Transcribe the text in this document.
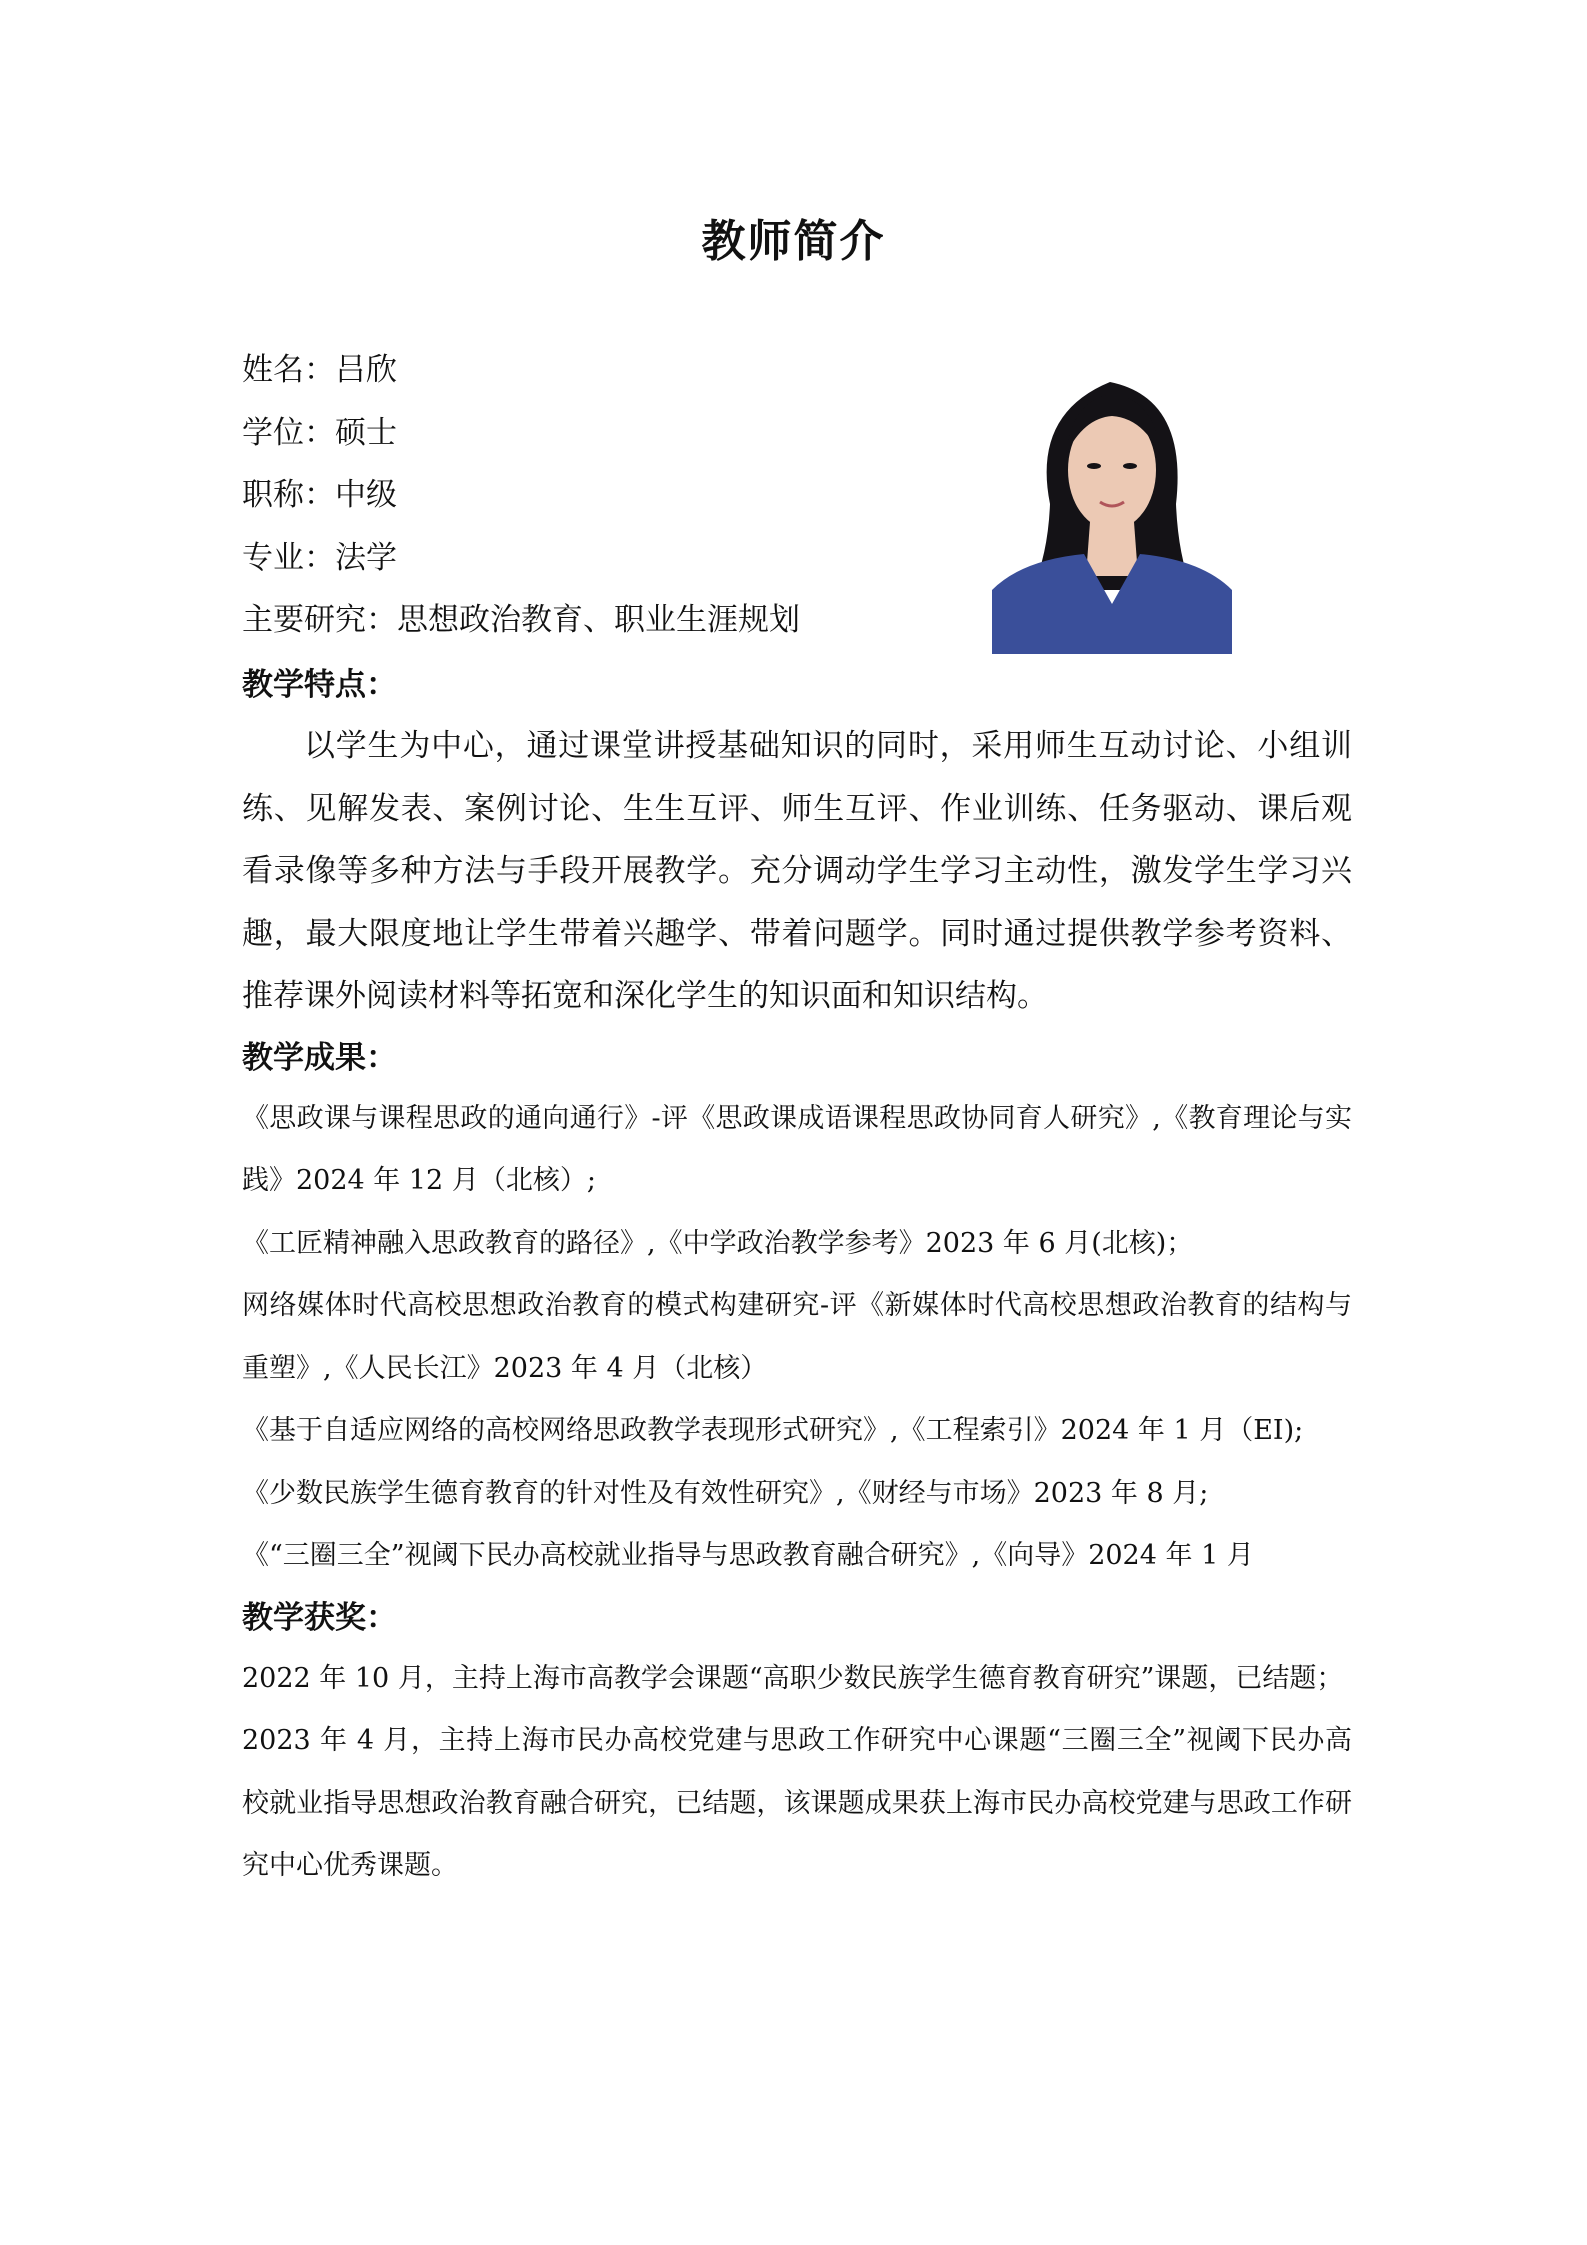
教师简介
姓名：吕欣
学位：硕士
职称：中级
专业：法学
主要研究：思想政治教育、职业生涯规划
教学特点：
以学生为中心，通过课堂讲授基础知识的同时，采用师生互动讨论、小组训练、见解发表、案例讨论、生生互评、师生互评、作业训练、任务驱动、课后观看录像等多种方法与手段开展教学。充分调动学生学习主动性，激发学生学习兴趣，最大限度地让学生带着兴趣学、带着问题学。同时通过提供教学参考资料、推荐课外阅读材料等拓宽和深化学生的知识面和知识结构。
教学成果：
《思政课与课程思政的通向通行》-评《思政课成语课程思政协同育人研究》,《教育理论与实践》2024 年 12 月（北核）;
《工匠精神融入思政教育的路径》,《中学政治教学参考》2023 年 6 月(北核)；
网络媒体时代高校思想政治教育的模式构建研究-评《新媒体时代高校思想政治教育的结构与重塑》,《人民长江》2023 年 4 月（北核）
《基于自适应网络的高校网络思政教学表现形式研究》,《工程索引》2024 年 1 月（EI);
《少数民族学生德育教育的针对性及有效性研究》,《财经与市场》2023 年 8 月;
《“三圈三全”视阈下民办高校就业指导与思政教育融合研究》,《向导》2024 年 1 月
教学获奖：
2022 年 10 月，主持上海市高教学会课题“高职少数民族学生德育教育研究”课题，已结题；
2023 年 4 月，主持上海市民办高校党建与思政工作研究中心课题“三圈三全”视阈下民办高校就业指导思想政治教育融合研究，已结题，该课题成果获上海市民办高校党建与思政工作研究中心优秀课题。
